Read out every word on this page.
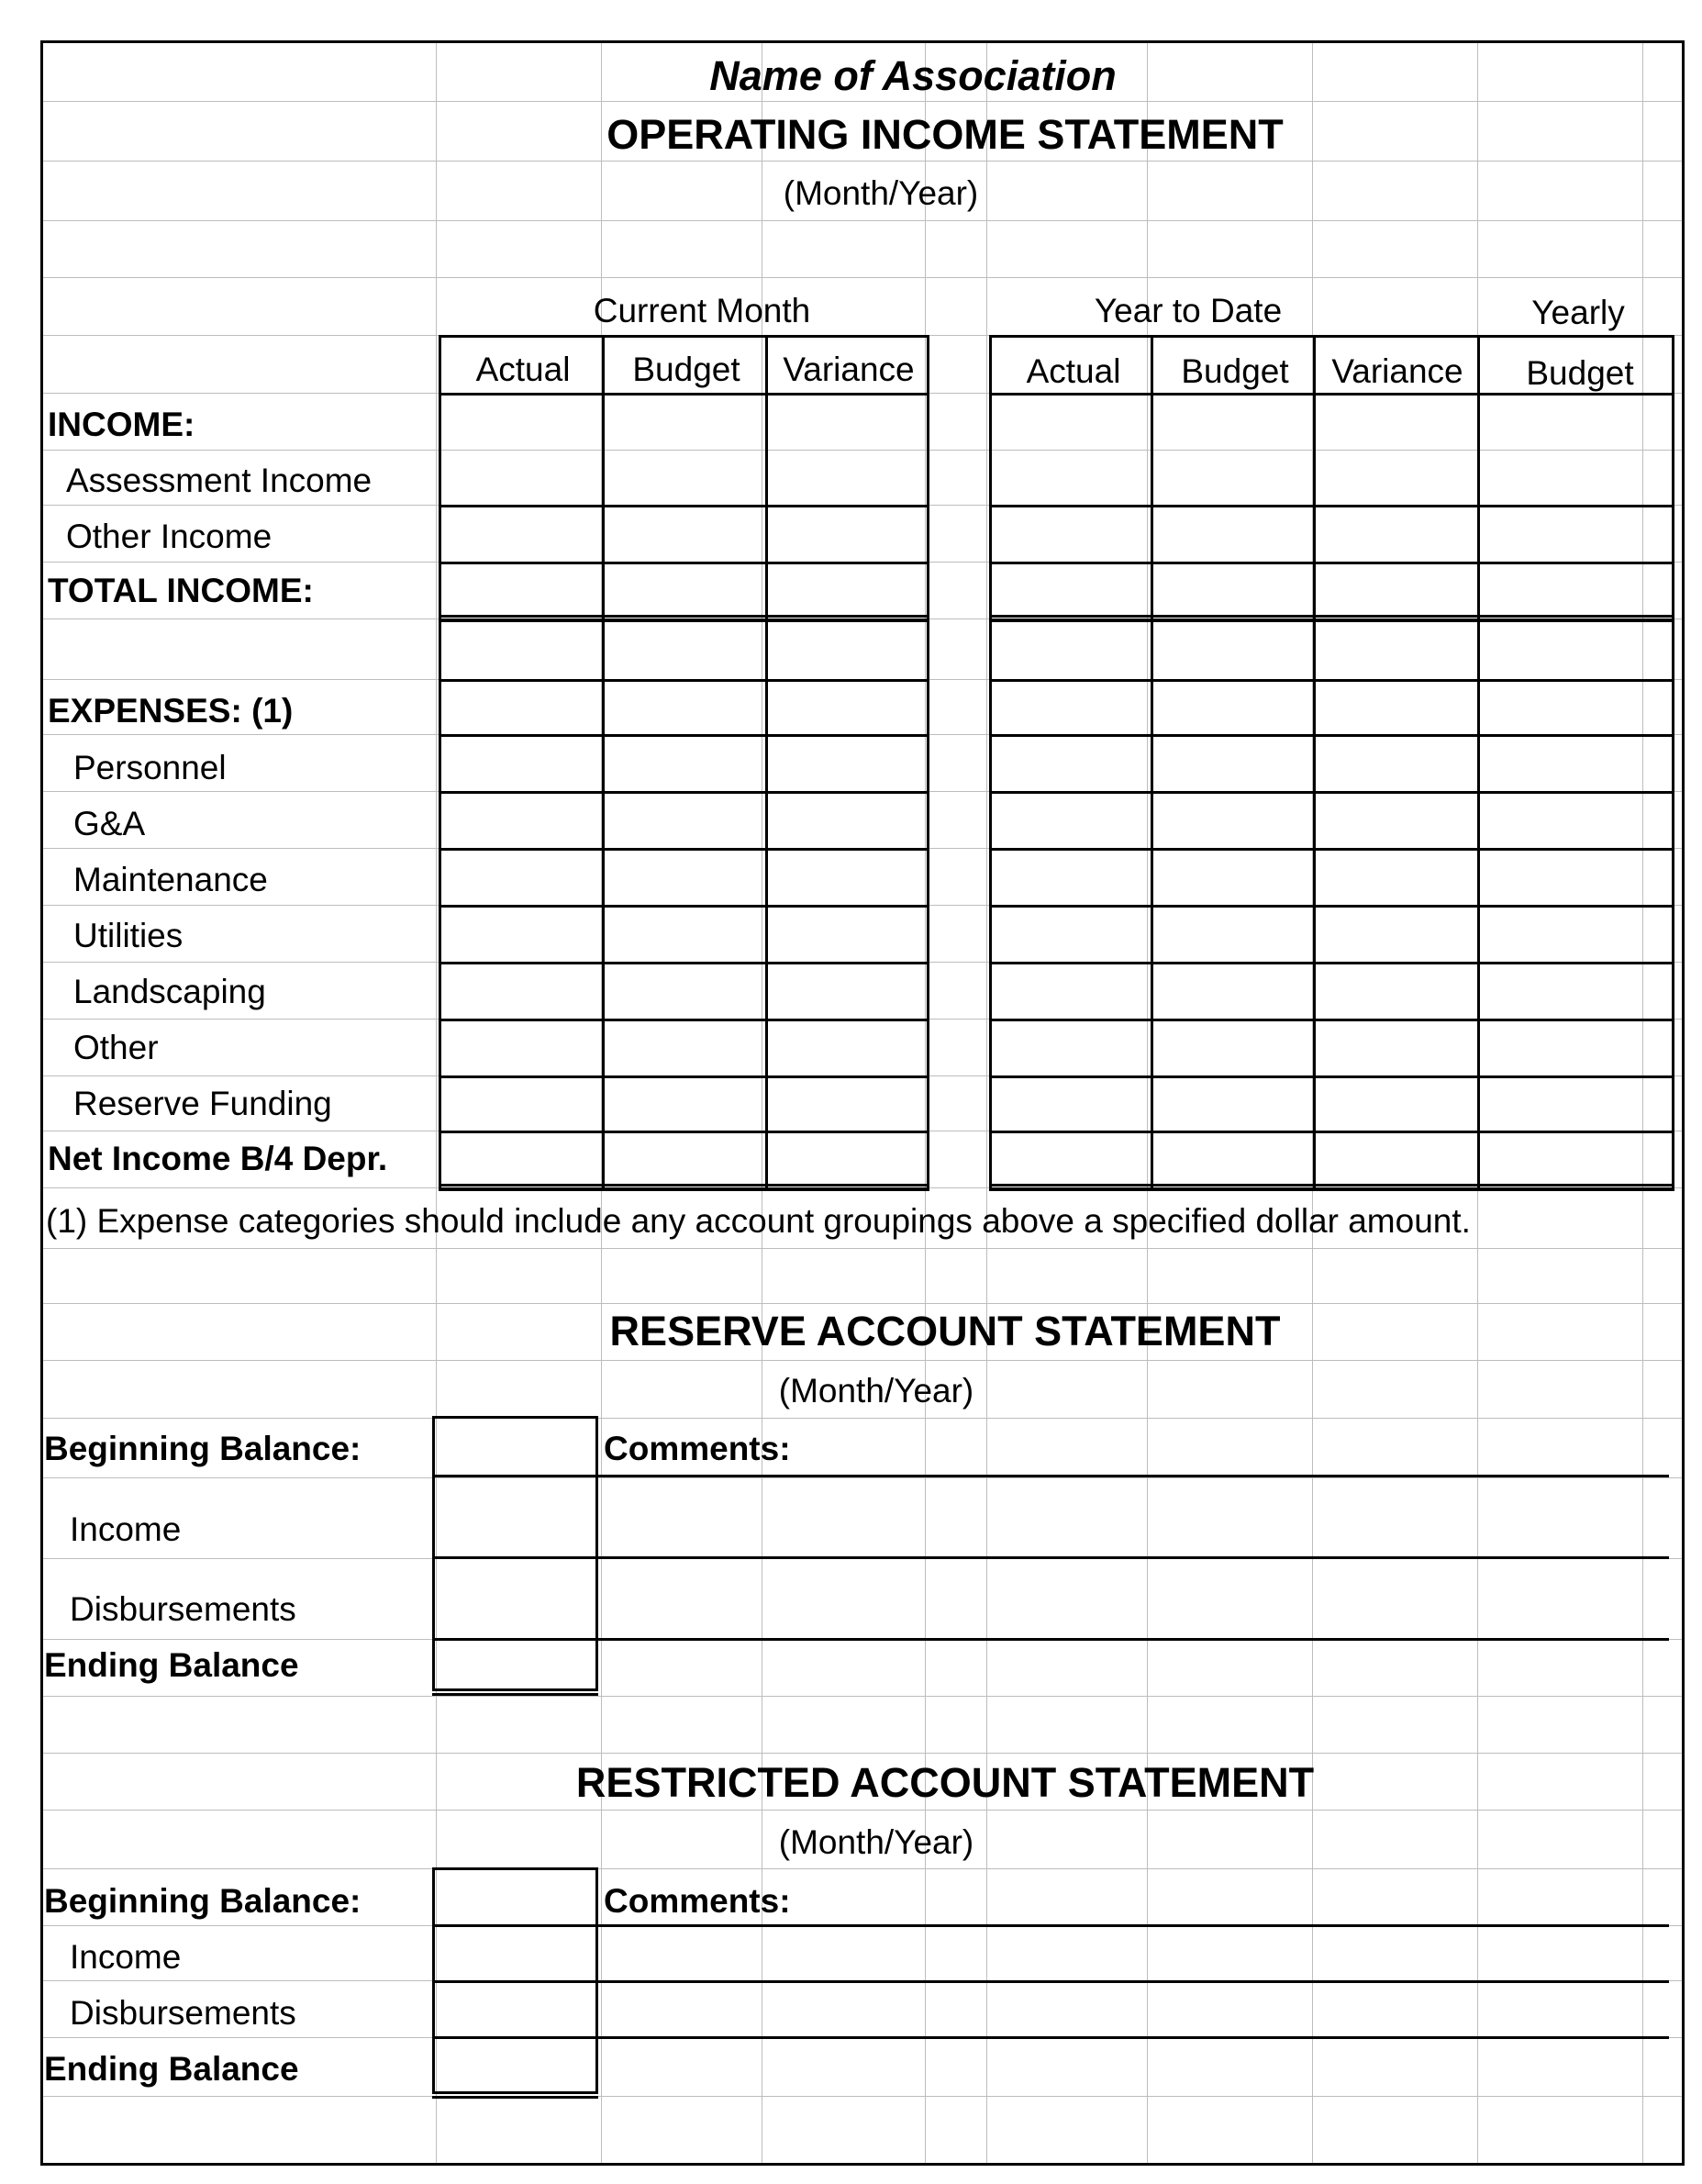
Name of Association
OPERATING INCOME STATEMENT
(Month/Year)
Current Month	Year to Date	Yearly
Actual Budget Variance	Actual Budget Variance Budget
INCOME:
Assessment Income
Other Income
TOTAL INCOME:
EXPENSES: (1)
Personnel
G&A
Maintenance
Utilities
Landscaping
Other
Reserve Funding
Net Income B/4 Depr.
(1) Expense categories should include any account groupings above a specified dollar amount.
RESERVE ACCOUNT STATEMENT
(Month/Year)
Beginning Balance:	Comments:
Income
Disbursements
Ending Balance
RESTRICTED ACCOUNT STATEMENT
(Month/Year)
Beginning Balance:	Comments:
Income
Disbursements
Ending Balance
